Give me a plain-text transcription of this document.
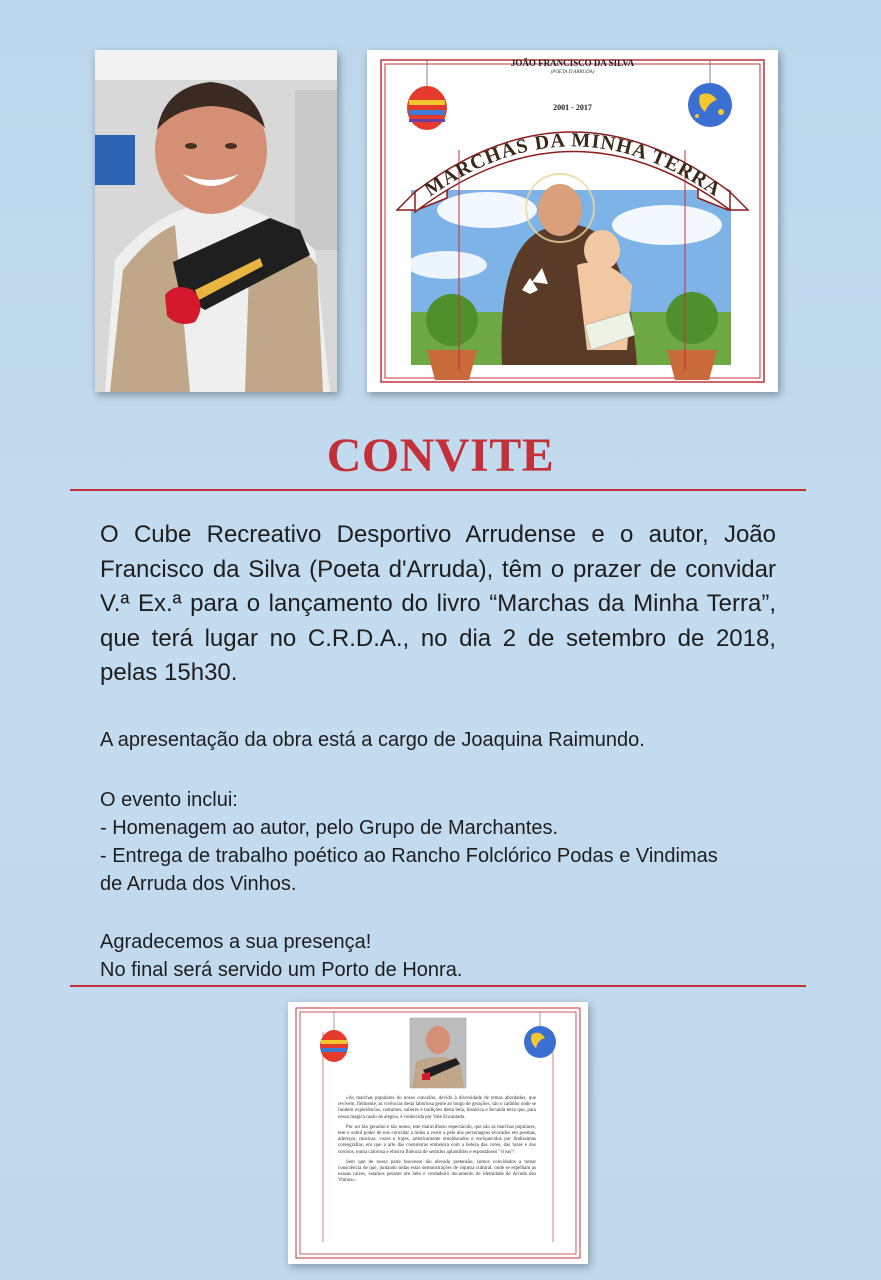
JOÃO FRANCISCO DA SILVA
(POETA D'ARRUDA)
2001 - 2017
MARCHAS DA MINHA TERRA
CONVITE
O Cube Recreativo Desportivo Arrudense e o autor, João Francisco da Silva (Poeta d'Arruda), têm o prazer de convidar V.ª Ex.ª para o lançamento do livro “Marchas da Minha Terra”, que terá lugar no C.R.D.A., no dia 2 de setembro de 2018, pelas 15h30.
A apresentação da obra está a cargo de Joaquina Raimundo.
O evento inclui:
- Homenagem ao autor, pelo Grupo de Marchantes.
- Entrega de trabalho poético ao Rancho Folclórico Podas e Vindimas
de Arruda dos Vinhos.
Agradecemos a sua presença!
No final será servido um Porto de Honra.

«As marchas populares do nosso concelho, devido à diversidade de temas abordados, que revivem, fielmente, as vivências desta laboriosa gente ao longo de gerações, são o cadinho onde se fundem experiências, costumes, saberes e tradições desta bela, histórica e fecunda terra que, para nossa mágica razão de alegria, é conhecida por Vale Encantado.

Por ser tão genuíno e tão nosso, este maravilhoso espectáculo, que são as marchas populares, tem o subtil poder de nos convidar a todos a vestir a pele dos personagens evocados em poemas, adereços, músicas, vozes e trajes, artisticamente emoldurados e enriquecidos por lindíssimas coreografias, em que a arte das costureiras embeleza com a beleza das cores, das luzes e dos sorrisos, numa calorosa e efusiva fluência de sentidos aplaudidos e espontâneos "vivas"!

Sem que de nossa parte houvesse tão elevada pretensão, somos convidados a tomar consciência de que, juntando todas estas demonstrações de riqueza cultural, onde se espelham as nossas raízes, estamos perante um belo e verdadeiro documento de identidade de Arruda dos Vinhos».
